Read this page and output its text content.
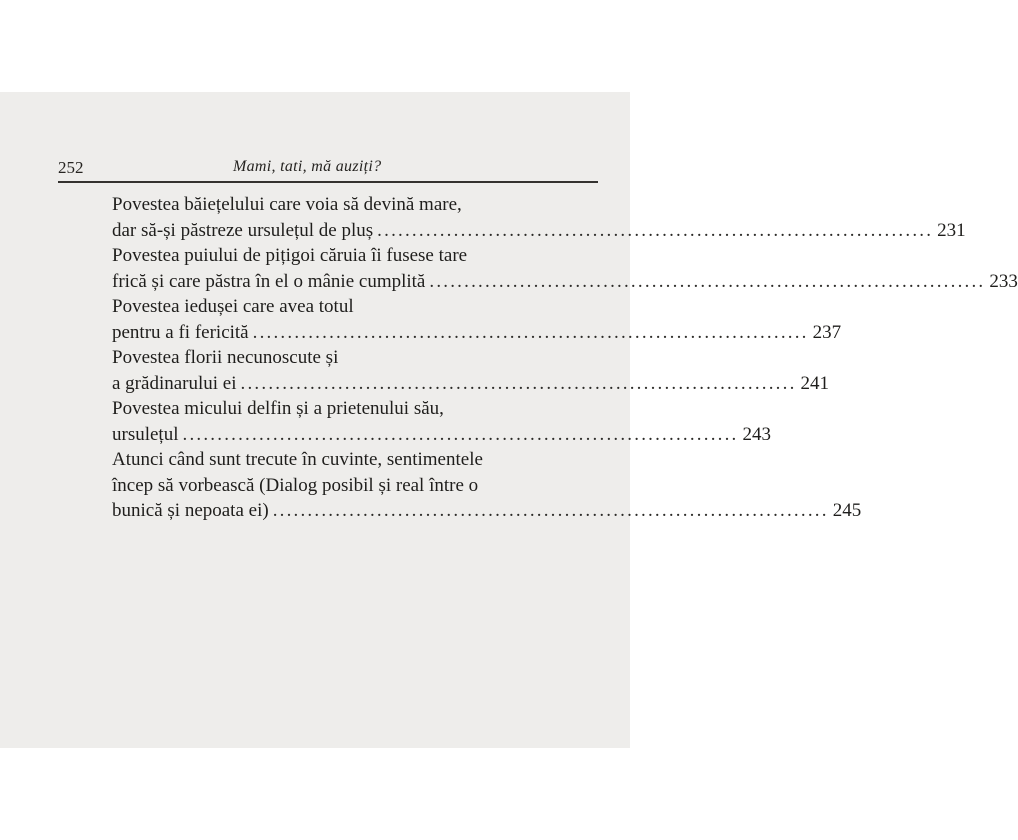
252	Mami, tati, mă auziți?
Povestea băiețelului care voia să devină mare,
dar să-și păstreze ursulețul de pluș ................................................................................ 231
Povestea puiului de pițigoi căruia îi fusese tare
frică și care păstra în el o mânie cumplită ................................................................................ 233
Povestea iedușei care avea totul
pentru a fi fericită ................................................................................ 237
Povestea florii necunoscute și
a grădinarului ei ................................................................................ 241
Povestea micului delfin și a prietenului său,
ursulețul ................................................................................ 243
Atunci când sunt trecute în cuvinte, sentimentele
încep să vorbească (Dialog posibil și real între o
bunică și nepoata ei) ................................................................................ 245
